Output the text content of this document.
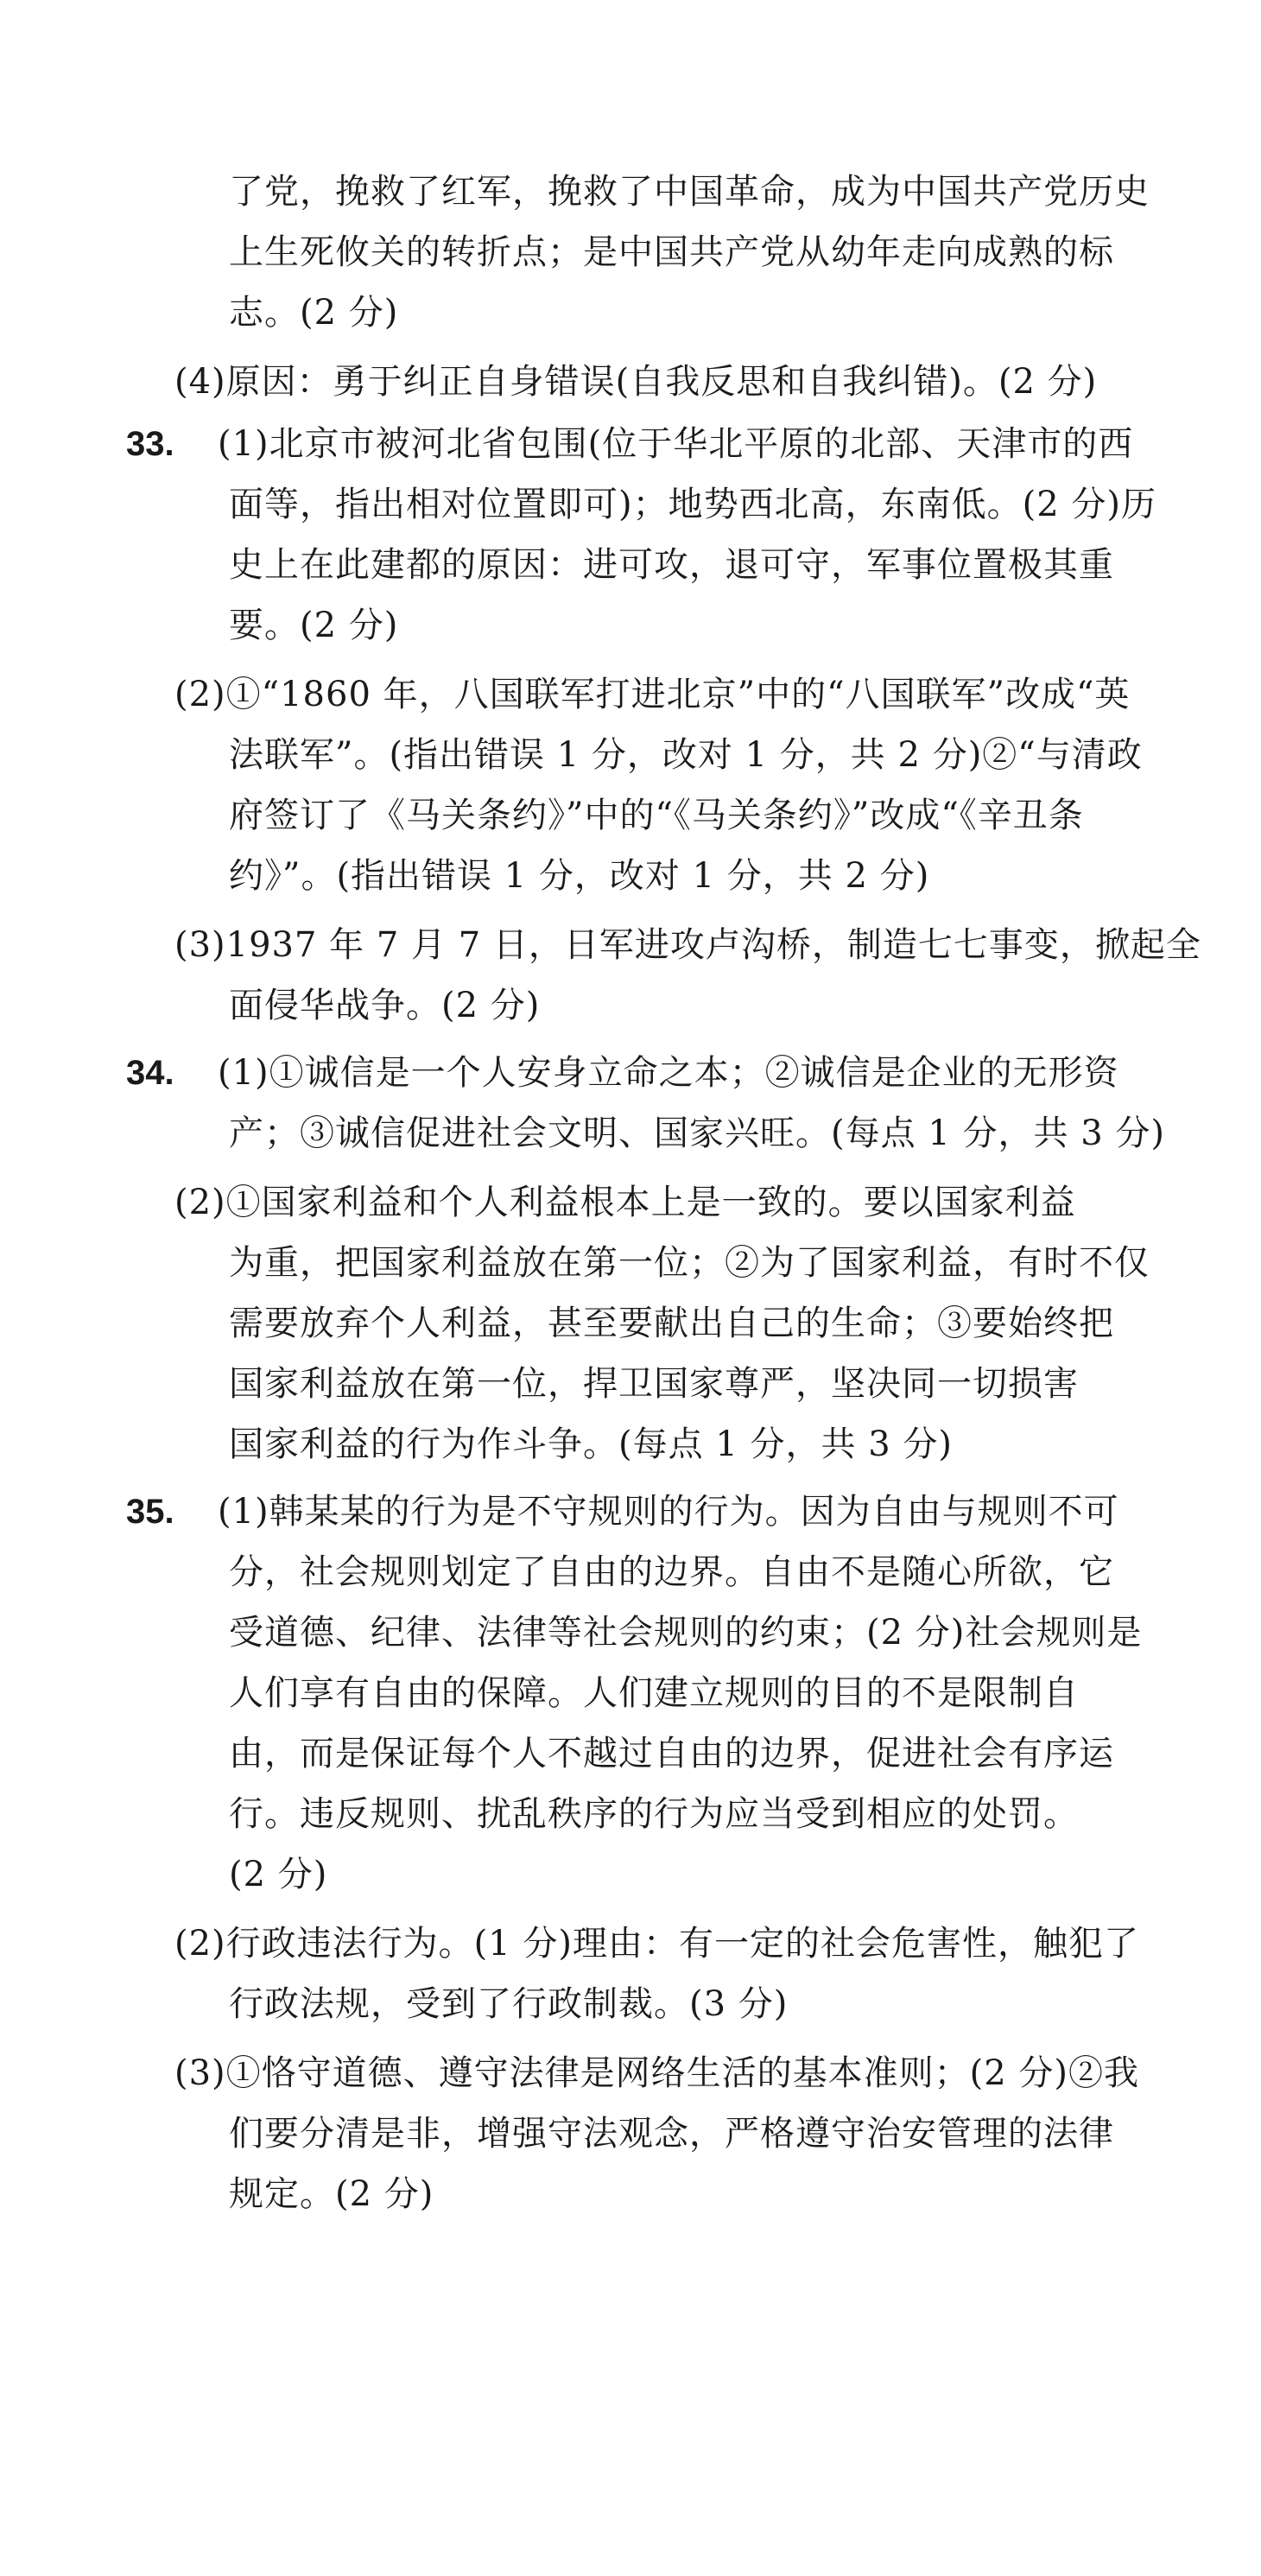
了党，挽救了红军，挽救了中国革命，成为中国共产党历史
上生死攸关的转折点；是中国共产党从幼年走向成熟的标
志。(2 分)
(4)原因：勇于纠正自身错误(自我反思和自我纠错)。(2 分)
33. (1)北京市被河北省包围(位于华北平原的北部、天津市的西
面等，指出相对位置即可)；地势西北高，东南低。(2 分)历
史上在此建都的原因：进可攻，退可守，军事位置极其重
要。(2 分)
(2)①“1860 年，八国联军打进北京”中的“八国联军”改成“英
法联军”。(指出错误 1 分，改对 1 分，共 2 分)②“与清政
府签订了《马关条约》”中的“《马关条约》”改成“《辛丑条
约》”。(指出错误 1 分，改对 1 分，共 2 分)
(3)1937 年 7 月 7 日，日军进攻卢沟桥，制造七七事变，掀起全
面侵华战争。(2 分)
34. (1)①诚信是一个人安身立命之本；②诚信是企业的无形资
产；③诚信促进社会文明、国家兴旺。(每点 1 分，共 3 分)
(2)①国家利益和个人利益根本上是一致的。要以国家利益
为重，把国家利益放在第一位；②为了国家利益，有时不仅
需要放弃个人利益，甚至要献出自己的生命；③要始终把
国家利益放在第一位，捍卫国家尊严，坚决同一切损害
国家利益的行为作斗争。(每点 1 分，共 3 分)
35. (1)韩某某的行为是不守规则的行为。因为自由与规则不可
分，社会规则划定了自由的边界。自由不是随心所欲，它
受道德、纪律、法律等社会规则的约束；(2 分)社会规则是
人们享有自由的保障。人们建立规则的目的不是限制自
由，而是保证每个人不越过自由的边界，促进社会有序运
行。违反规则、扰乱秩序的行为应当受到相应的处罚。
(2 分)
(2)行政违法行为。(1 分)理由：有一定的社会危害性，触犯了
行政法规，受到了行政制裁。(3 分)
(3)①恪守道德、遵守法律是网络生活的基本准则；(2 分)②我
们要分清是非，增强守法观念，严格遵守治安管理的法律
规定。(2 分)
